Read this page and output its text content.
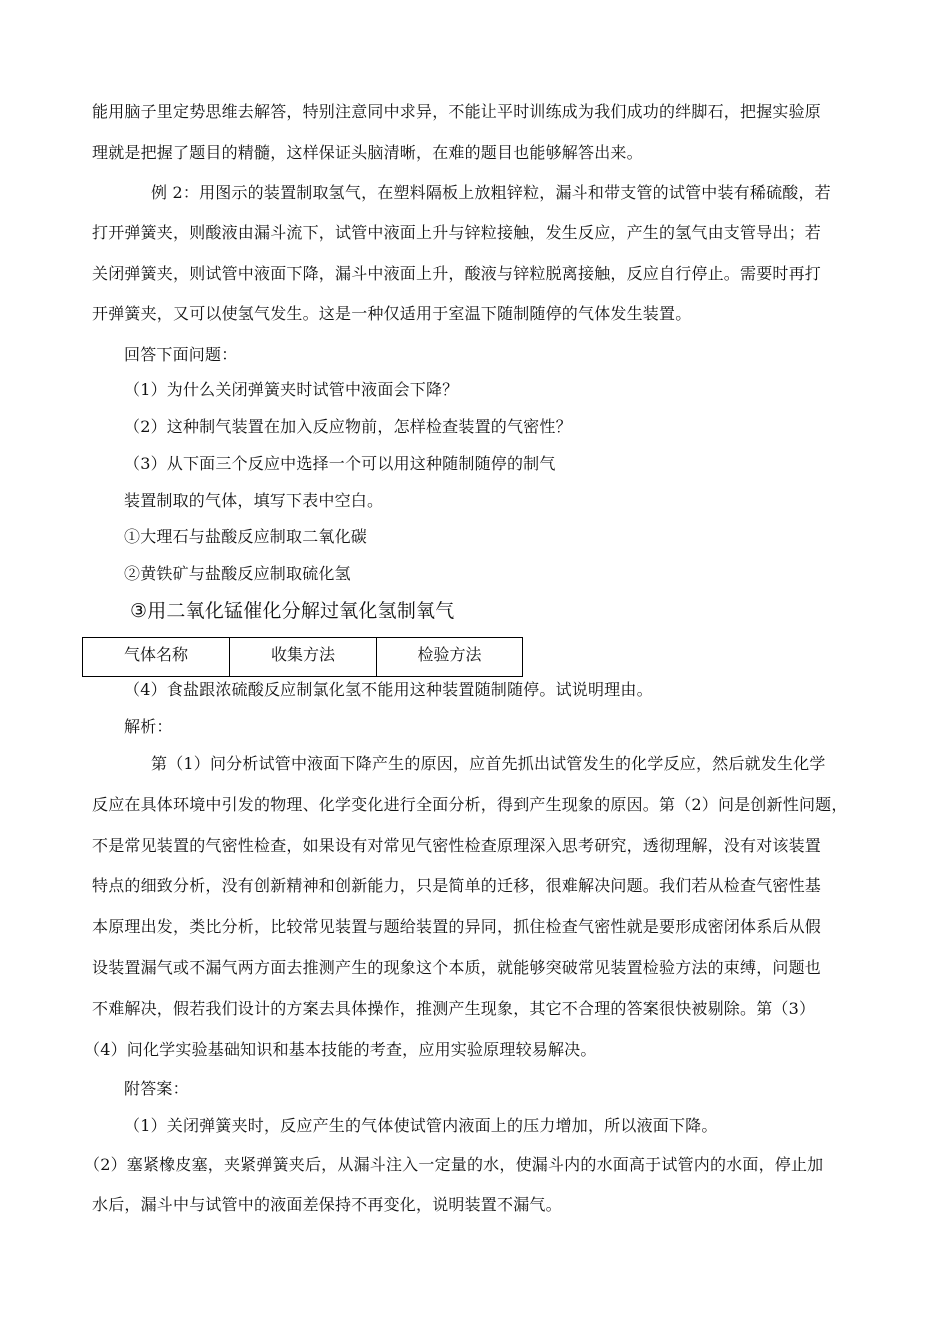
能用脑子里定势思维去解答，特别注意同中求异，不能让平时训练成为我们成功的绊脚石，把握实验原
理就是把握了题目的精髓，这样保证头脑清晰，在难的题目也能够解答出来。
例 2：用图示的装置制取氢气，在塑料隔板上放粗锌粒，漏斗和带支管的试管中装有稀硫酸，若
打开弹簧夹，则酸液由漏斗流下，试管中液面上升与锌粒接触，发生反应，产生的氢气由支管导出；若
关闭弹簧夹，则试管中液面下降，漏斗中液面上升，酸液与锌粒脱离接触，反应自行停止。需要时再打
开弹簧夹，又可以使氢气发生。这是一种仅适用于室温下随制随停的气体发生装置。
回答下面问题：
（1）为什么关闭弹簧夹时试管中液面会下降？
（2）这种制气装置在加入反应物前，怎样检查装置的气密性？
（3）从下面三个反应中选择一个可以用这种随制随停的制气
装置制取的气体，填写下表中空白。
①大理石与盐酸反应制取二氧化碳
②黄铁矿与盐酸反应制取硫化氢
③用二氧化锰催化分解过氧化氢制氧气
气体名称	收集方法	检验方法
（4）食盐跟浓硫酸反应制氯化氢不能用这种装置随制随停。试说明理由。
解析：
第（1）问分析试管中液面下降产生的原因，应首先抓出试管发生的化学反应，然后就发生化学
反应在具体环境中引发的物理、化学变化进行全面分析，得到产生现象的原因。第（2）问是创新性问题，
不是常见装置的气密性检查，如果设有对常见气密性检查原理深入思考研究，透彻理解，没有对该装置
特点的细致分析，没有创新精神和创新能力，只是简单的迁移，很难解决问题。我们若从检查气密性基
本原理出发，类比分析，比较常见装置与题给装置的异同，抓住检查气密性就是要形成密闭体系后从假
设装置漏气或不漏气两方面去推测产生的现象这个本质，就能够突破常见装置检验方法的束缚，问题也
不难解决，假若我们设计的方案去具体操作，推测产生现象，其它不合理的答案很快被剔除。第（3）
（4）问化学实验基础知识和基本技能的考查，应用实验原理较易解决。
附答案：
（1）关闭弹簧夹时，反应产生的气体使试管内液面上的压力增加，所以液面下降。
（2）塞紧橡皮塞，夹紧弹簧夹后，从漏斗注入一定量的水，使漏斗内的水面高于试管内的水面，停止加
水后，漏斗中与试管中的液面差保持不再变化，说明装置不漏气。
